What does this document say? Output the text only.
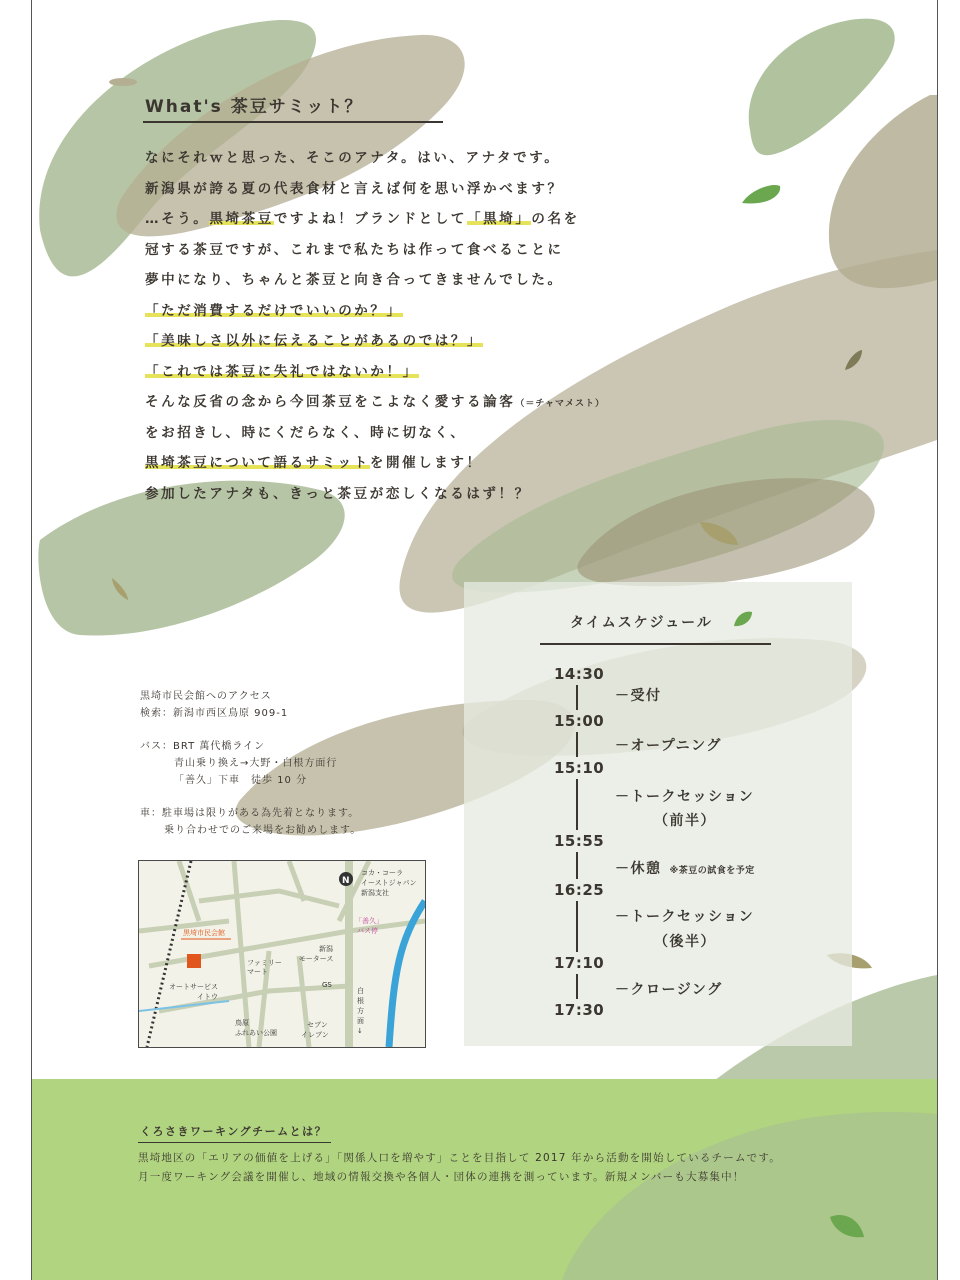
What's 茶豆サミット？
なにそれｗと思った、そこのアナタ。はい、アナタです。
新潟県が誇る夏の代表食材と言えば何を思い浮かべます？
…そう。黒埼茶豆ですよね！ブランドとして「黒埼」の名を
冠する茶豆ですが、これまで私たちは作って食べることに
夢中になり、ちゃんと茶豆と向き合ってきませんでした。
「ただ消費するだけでいいのか？」
「美味しさ以外に伝えることがあるのでは？」
「これでは茶豆に失礼ではないか！」
そんな反省の念から今回茶豆をこよなく愛する論客（＝チャマメスト）
をお招きし、時にくだらなく、時に切なく、
黒埼茶豆について語るサミットを開催します！
参加したアナタも、きっと茶豆が恋しくなるはず！？
黒埼市民会館へのアクセス
検索：新潟市西区鳥原 909-1
バス：BRT 萬代橋ライン
青山乗り換え→大野・白根方面行
「善久」下車　徒歩 10 分
車：駐車場は限りがある為先着となります。
乗り合わせでのご来場をお勧めします。
N
コカ・コーラ
イーストジャパン
新潟支社
「善久」
バス停
黒埼市民会館
ファミリー
マート
新潟
モータース
GS
オートサービス
イトウ
白
根
方
面
↓
鳥原
ふれあい公園
セブン
イレブン
タイムスケジュール
14:30
15:00
15:10
15:55
16:25
17:10
17:30
－受付
－オープニング
－トークセッション
（前半）
－休憩 ※茶豆の試食を予定
－トークセッション
（後半）
－クロージング
くろさきワーキングチームとは？
黒埼地区の「エリアの価値を上げる」「関係人口を増やす」ことを目指して 2017 年から活動を開始しているチームです。
月一度ワーキング会議を開催し、地域の情報交換や各個人・団体の連携を測っています。新規メンバーも大募集中！
